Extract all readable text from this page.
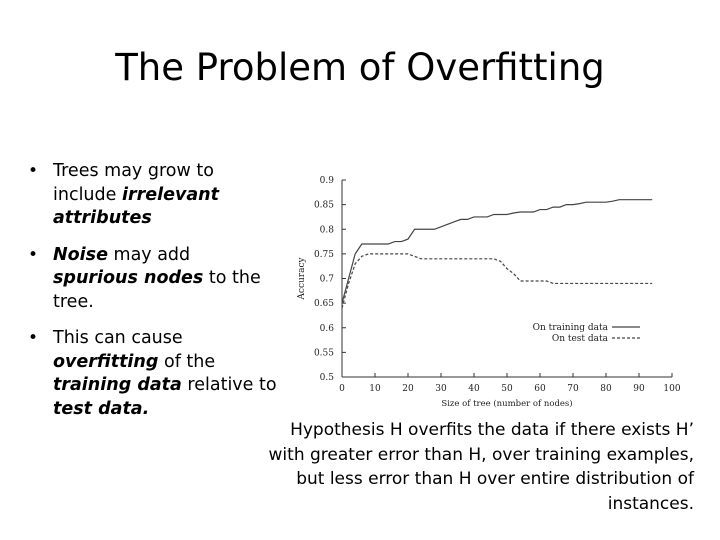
The Problem of Overfitting
• Trees may grow to include irrelevant attributes
• Noise may add spurious nodes to the tree.
• This can cause overfitting of the training data relative to test data.
0	10 20 30 40 50 60 70 80 90 100
0.5
0.55
0.6
0.65
0.7
0.75
0.8
0.85
0.9
Size of tree (number of nodes)
Accuracy
On training data
On test data
Hypothesis H overfits the data if there exists H’ with greater error than H, over training examples, but less error than H over entire distribution of instances.
